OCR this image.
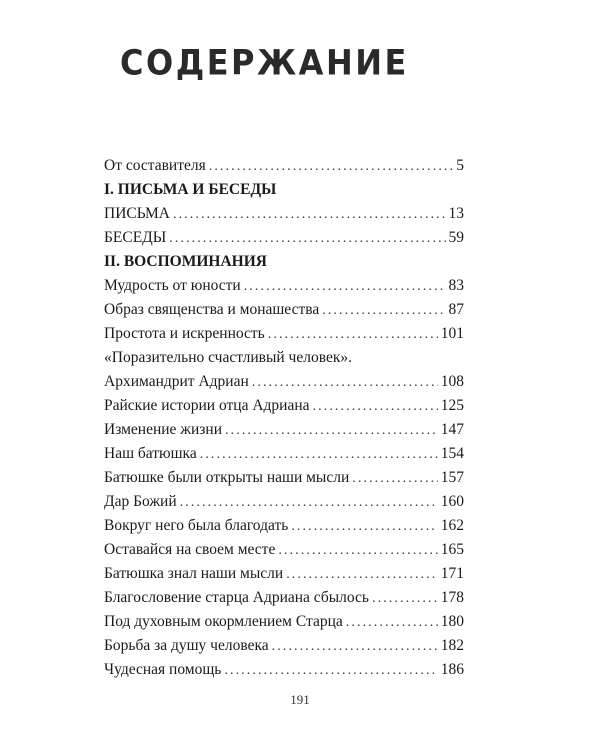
СОДЕРЖАНИЕ
От составителя .....	5
I. ПИСЬМА И БЕСЕДЫ
ПИСЬМА .....	13
БЕСЕДЫ .....	59
II. ВОСПОМИНАНИЯ
Мудрость от юности .....	83
Образ священства и монашества .....	87
Простота и искренность .....	101
«Поразительно счастливый человек».
Архимандрит Адриан .....	108
Райские истории отца Адриана .....	125
Изменение жизни .....	147
Наш батюшка .....	154
Батюшке были открыты наши мысли .....	157
Дар Божий .....	160
Вокруг него была благодать .....	162
Оставайся на своем месте .....	165
Батюшка знал наши мысли .....	171
Благословение старца Адриана сбылось .....	178
Под духовным окормлением Старца .....	180
Борьба за душу человека .....	182
Чудесная помощь .....	186
191
